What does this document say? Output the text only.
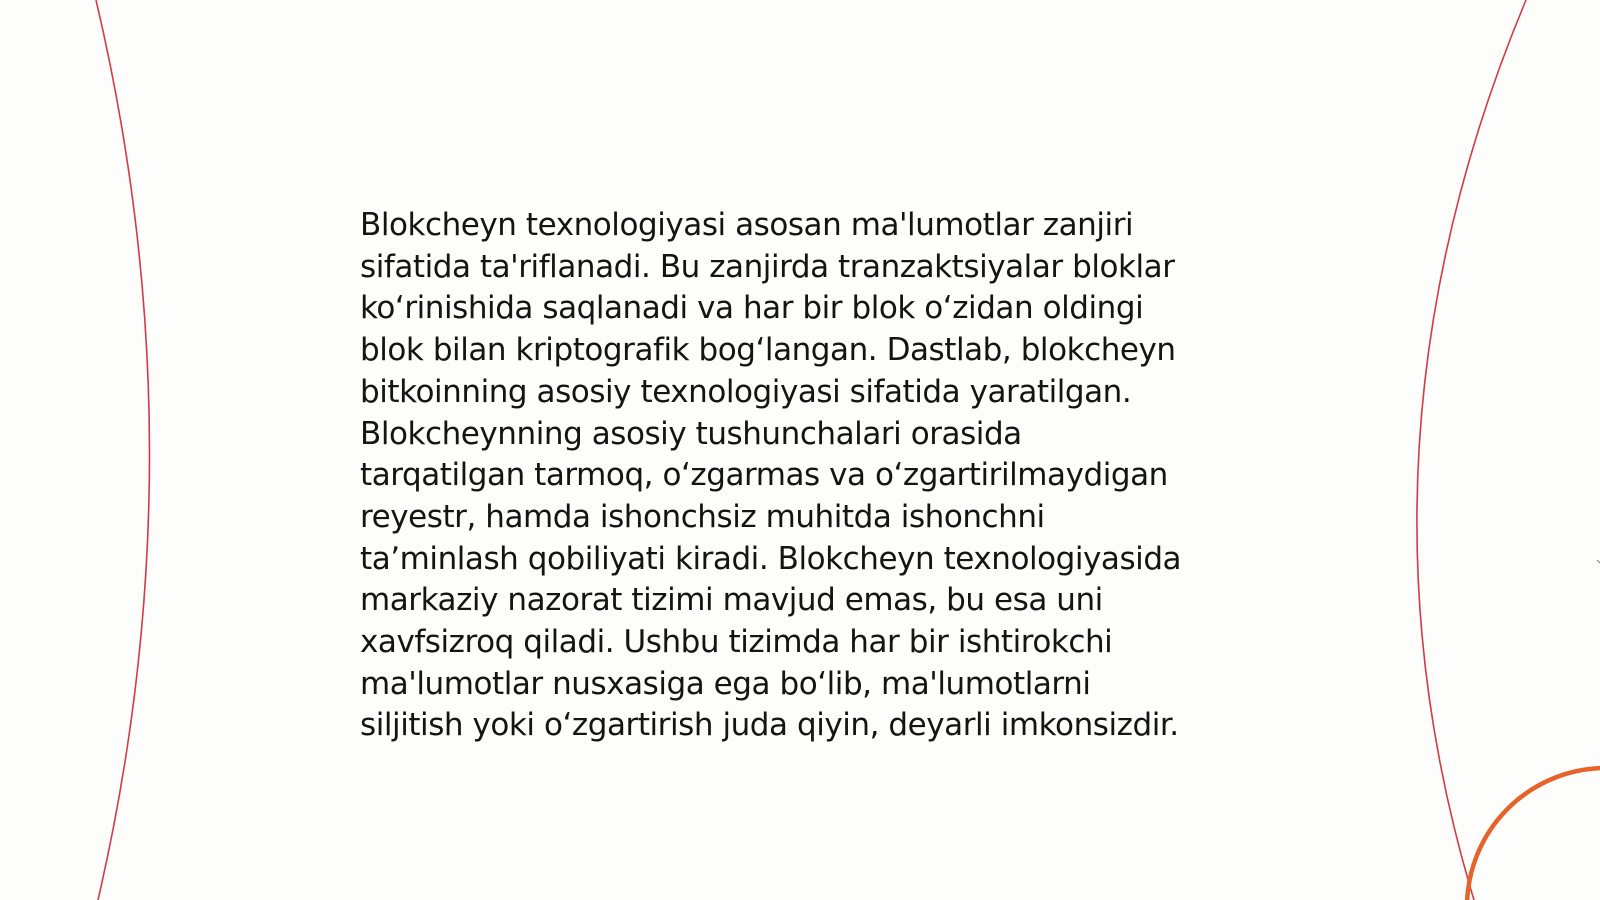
Blokcheyn texnologiyasi asosan ma'lumotlar zanjiri
sifatida ta'riflanadi. Bu zanjirda tranzaktsiyalar bloklar
ko‘rinishida saqlanadi va har bir blok o‘zidan oldingi
blok bilan kriptografik bog‘langan. Dastlab, blokcheyn
bitkoinning asosiy texnologiyasi sifatida yaratilgan.
Blokcheynning asosiy tushunchalari orasida
tarqatilgan tarmoq, o‘zgarmas va o‘zgartirilmaydigan
reyestr, hamda ishonchsiz muhitda ishonchni
ta’minlash qobiliyati kiradi. Blokcheyn texnologiyasida
markaziy nazorat tizimi mavjud emas, bu esa uni
xavfsizroq qiladi. Ushbu tizimda har bir ishtirokchi
ma'lumotlar nusxasiga ega bo‘lib, ma'lumotlarni
siljitish yoki o‘zgartirish juda qiyin, deyarli imkonsizdir.
